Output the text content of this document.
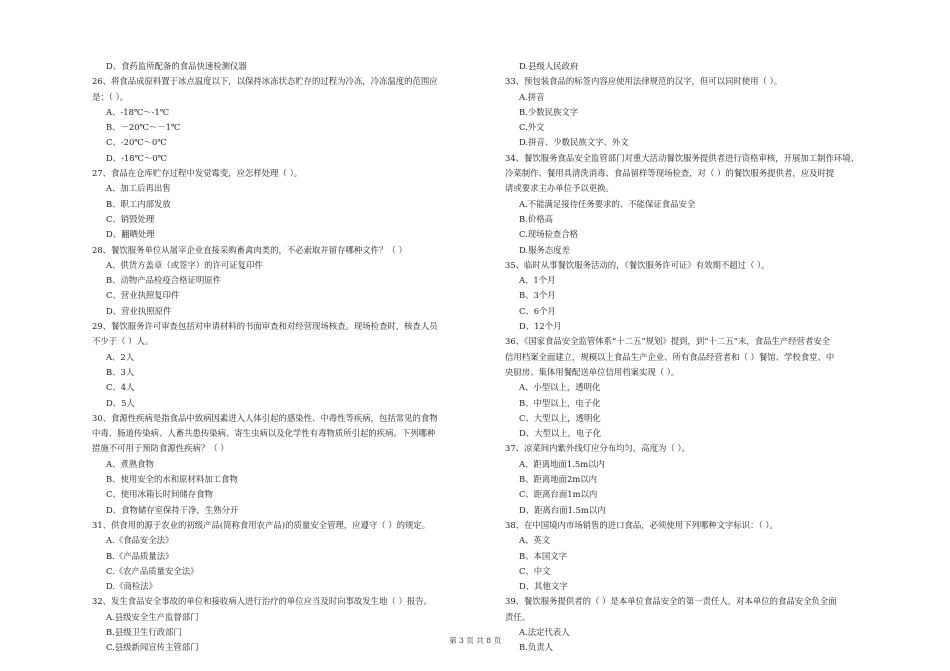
D、食药监所配备的食品快速检测仪器
26、将食品成原料置于冰点温度以下，以保持冰冻状态贮存的过程为冷冻，冷冻温度的范围应
是：（ ）。
A、-18℃～-1℃
B、－20℃～－1℃
C、-20℃～0℃
D、-18℃～0℃
27、食品在仓库贮存过程中发觉霉变，应怎样处理（ ）。
A、加工后再出售
B、职工内部发放
C、销毁处理
D、翻晒处理
28、餐饮服务单位从屠宰企业直接采购畜禽肉类的，不必索取并留存哪种文件？（ ）
A、供货方盖章（或签字）的许可证复印件
B、动物产品检疫合格证明原件
C、营业执照复印件
D、营业执照原件
29、餐饮服务许可审查包括对申请材料的书面审查和对经营现场核查。现场检查时，核查人员
不少于（ ）人。
A、2人
B、3人
C、4人
D、5人
30、食源性疾病是指食品中致病因素进入人体引起的感染性、中毒性等疾病，包括常见的食物
中毒、肠道传染病、人畜共患传染病、寄生虫病以及化学性有毒物质所引起的疾病。下列哪种
措施不可用于预防食源性疾病？（ ）
A、煮熟食物
B、使用安全的水和原材料加工食物
C、使用冰箱长时间储存食物
D、食物储存室保持干净，生熟分开
31、供食用的源于农业的初级产品(简称食用农产品)的质量安全管理，应遵守（ ）的规定。
A.《食品安全法》
B.《产品质量法》
C.《农产品质量安全法》
D.《商检法》
32、发生食品安全事故的单位和接收病人进行治疗的单位应当及时向事故发生地（ ）报告。
A.县级安全生产监督部门
B.县级卫生行政部门
C.县级新闻宣传主管部门
D.县级人民政府
33、预包装食品的标签内容应使用法律规范的汉字，但可以同时使用（ ）。
A.拼音
B.少数民族文字
C.外文
D.拼音、少数民族文字、外文
34、餐饮服务食品安全监管部门对重大活动餐饮服务提供者进行资格审核，开展加工制作环境、
冷菜制作、餐用具清洗消毒、食品留样等现场检查，对（ ）的餐饮服务提供者，应及时提
请或要求主办单位予以更换。
A.不能满足接待任务要求的、不能保证食品安全
B.价格高
C.现场检查合格
D.服务态度差
35、临时从事餐饮服务活动的，《餐饮服务许可证》有效期不超过（ ）。
A、1个月
B、3个月
C、6个月
D、12个月
36、《国家食品安全监管体系“十二五”规划》提到，到“十二五”末，食品生产经营者安全
信用档案全面建立，规模以上食品生产企业、所有食品经营者和（ ）餐馆、学校食堂、中
央厨房、集体用餐配送单位信用档案实现（ ）。
A、小型以上，透明化
B、中型以上，电子化
C、大型以上，透明化
D、大型以上，电子化
37、凉菜间内紫外线灯应分布均匀，高度为（ ）。
A、距离地面1.5m以内
B、距离地面2m以内
C、距离台面1m以内
D、距离台面1.5m以内
38、在中国境内市场销售的进口食品，必须使用下列哪种文字标识：（ ）。
A、英文
B、本国文字
C、中文
D、其他文字
39、餐饮服务提供者的（ ）是本单位食品安全的第一责任人，对本单位的食品安全负全面
责任。
A.法定代表人
B.负责人
第 3 页 共 8 页
